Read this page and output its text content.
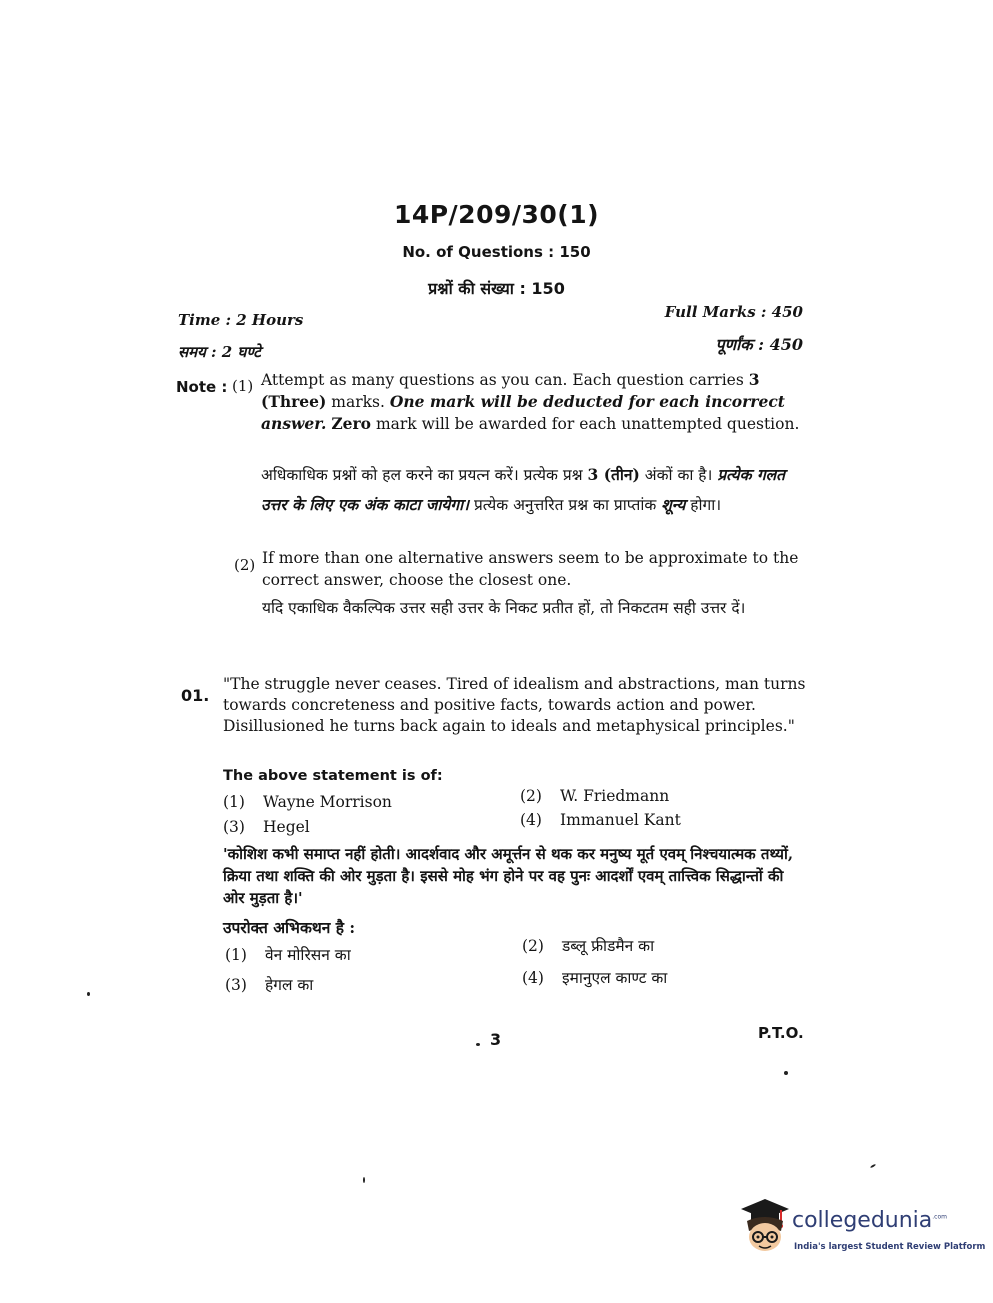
14P/209/30(1)
No. of Questions : 150
प्रश्नों की संख्या : 150
Time : 2 Hours
समय : 2 घण्टे
Full Marks : 450
पूर्णांक : 450
Note : (1) Attempt as many questions as you can. Each question carries 3 (Three) marks. One mark will be deducted for each incorrect answer. Zero mark will be awarded for each unattempted question.
अधिकाधिक प्रश्नों को हल करने का प्रयत्न करें। प्रत्येक प्रश्न 3 (तीन) अंकों का है। प्रत्येक गलत उत्तर के लिए एक अंक काटा जायेगा। प्रत्येक अनुत्तरित प्रश्न का प्राप्तांक शून्य होगा।
(2) If more than one alternative answers seem to be approximate to the correct answer, choose the closest one.
यदि एकाधिक वैकल्पिक उत्तर सही उत्तर के निकट प्रतीत हों, तो निकटतम सही उत्तर दें।
01.
"The struggle never ceases. Tired of idealism and abstractions, man turns towards concreteness and positive facts, towards action and power. Disillusioned he turns back again to ideals and metaphysical principles."
The above statement is of:
(1) Wayne Morrison	(2) W. Friedmann
(3) Hegel	(4) Immanuel Kant
'कोशिश कभी समाप्त नहीं होती। आदर्शवाद और अमूर्त्तन से थक कर मनुष्य मूर्त एवम् निश्चयात्मक तथ्यों, क्रिया तथा शक्ति की ओर मुड़ता है। इससे मोह भंग होने पर वह पुनः आदर्शों एवम् तात्त्विक सिद्धान्तों की ओर मुड़ता है।'
उपरोक्त अभिकथन है :
(1) वेन मोरिसन का	(2) डब्लू फ्रीडमैन का
(3) हेगल का	(4) इमानुएल काण्ट का
3	P.T.O.
collegedunia$^{.com}$
India's largest Student Review Platform
